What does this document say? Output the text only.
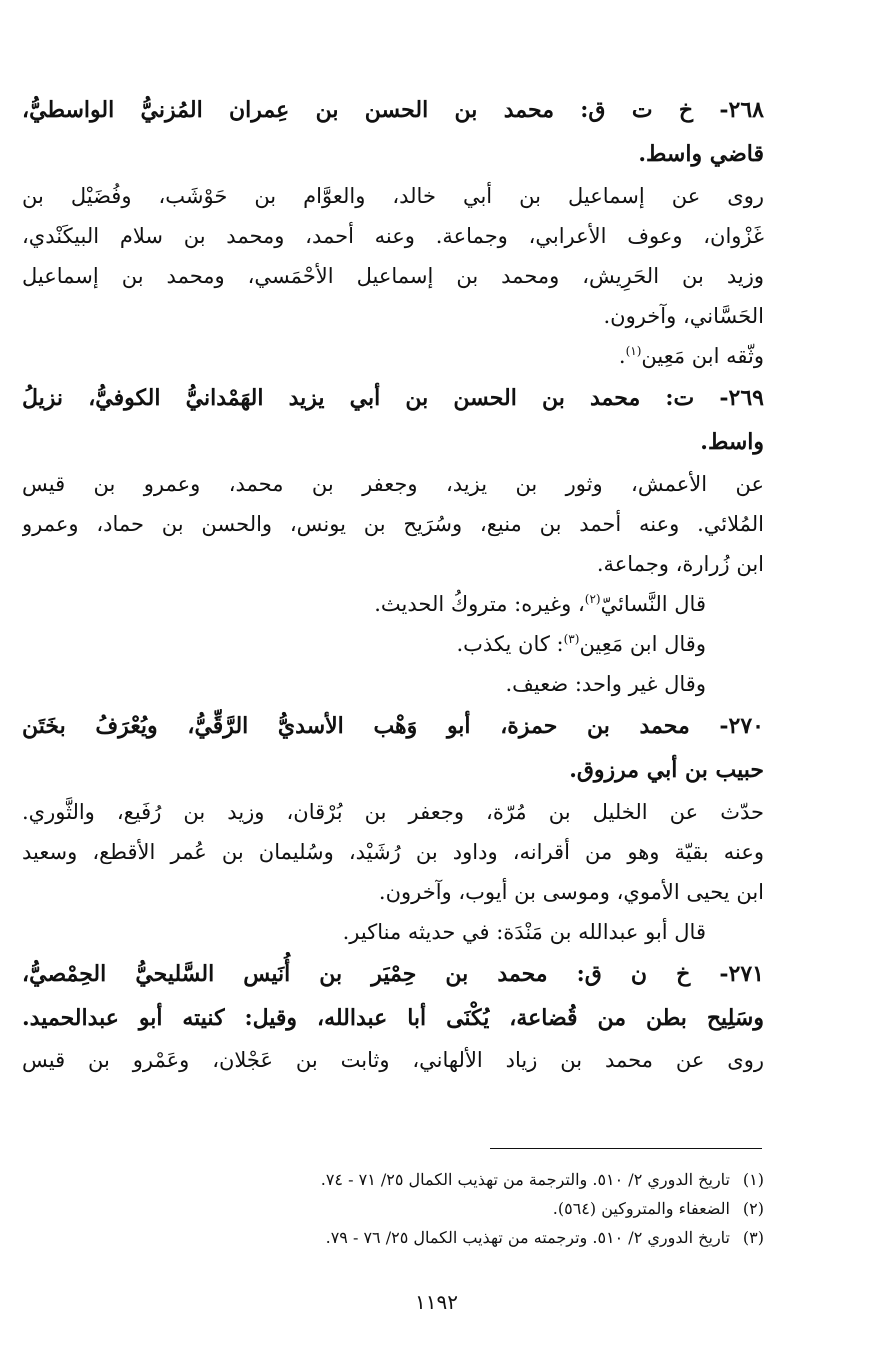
٢٦٨- خ ت ق: محمد بن الحسن بن عِمران المُزنيُّ الواسطيُّ،
قاضي واسط.
روى عن إسماعيل بن أبي خالد، والعوَّام بن حَوْشَب، وفُضَيْل بن
غَزْوان، وعوف الأعرابي، وجماعة. وعنه أحمد، ومحمد بن سلام البيكَنْدي،
وزيد بن الحَرِيش، ومحمد بن إسماعيل الأحْمَسي، ومحمد بن إسماعيل
الحَسَّاني، وآخرون.
وثّقه ابن مَعِين$^{(١)}$.
٢٦٩- ت: محمد بن الحسن بن أبي يزيد الهَمْدانيُّ الكوفيُّ، نزيلُ
واسط.
عن الأعمش، وثور بن يزيد، وجعفر بن محمد، وعمرو بن قيس
المُلائي. وعنه أحمد بن منيع، وسُرَيح بن يونس، والحسن بن حماد، وعمرو
ابن زُرارة، وجماعة.
قال النَّسائيّ$^{(٢)}$، وغيره: متروكُ الحديث.
وقال ابن مَعِين$^{(٣)}$: كان يكذب.
وقال غير واحد: ضعيف.
٢٧٠- محمد بن حمزة، أبو وَهْب الأسديُّ الرَّقِّيُّ، ويُعْرَفُ بخَتَن
حبيب بن أبي مرزوق.
حدّث عن الخليل بن مُرّة، وجعفر بن بُرْقان، وزيد بن رُفَيع، والثَّوري.
وعنه بقيّة وهو من أقرانه، وداود بن رُشَيْد، وسُليمان بن عُمر الأقطع، وسعيد
ابن يحيى الأموي، وموسى بن أيوب، وآخرون.
قال أبو عبدالله بن مَنْدَة: في حديثه مناكير.
٢٧١- خ ن ق: محمد بن حِمْيَر بن أُنَيس السَّليحيُّ الحِمْصيُّ،
وسَلِيح بطن من قُضاعة، يُكْنَى أبا عبدالله، وقيل: كنيته أبو عبدالحميد.
روى عن محمد بن زياد الألهاني، وثابت بن عَجْلان، وعَمْرو بن قيس
(١)تاريخ الدوري ٢/ ٥١٠. والترجمة من تهذيب الكمال ٢٥/ ٧١ - ٧٤.
(٢)الضعفاء والمتروكين (٥٦٤).
(٣)تاريخ الدوري ٢/ ٥١٠. وترجمته من تهذيب الكمال ٢٥/ ٧٦ - ٧٩.
١١٩٢
